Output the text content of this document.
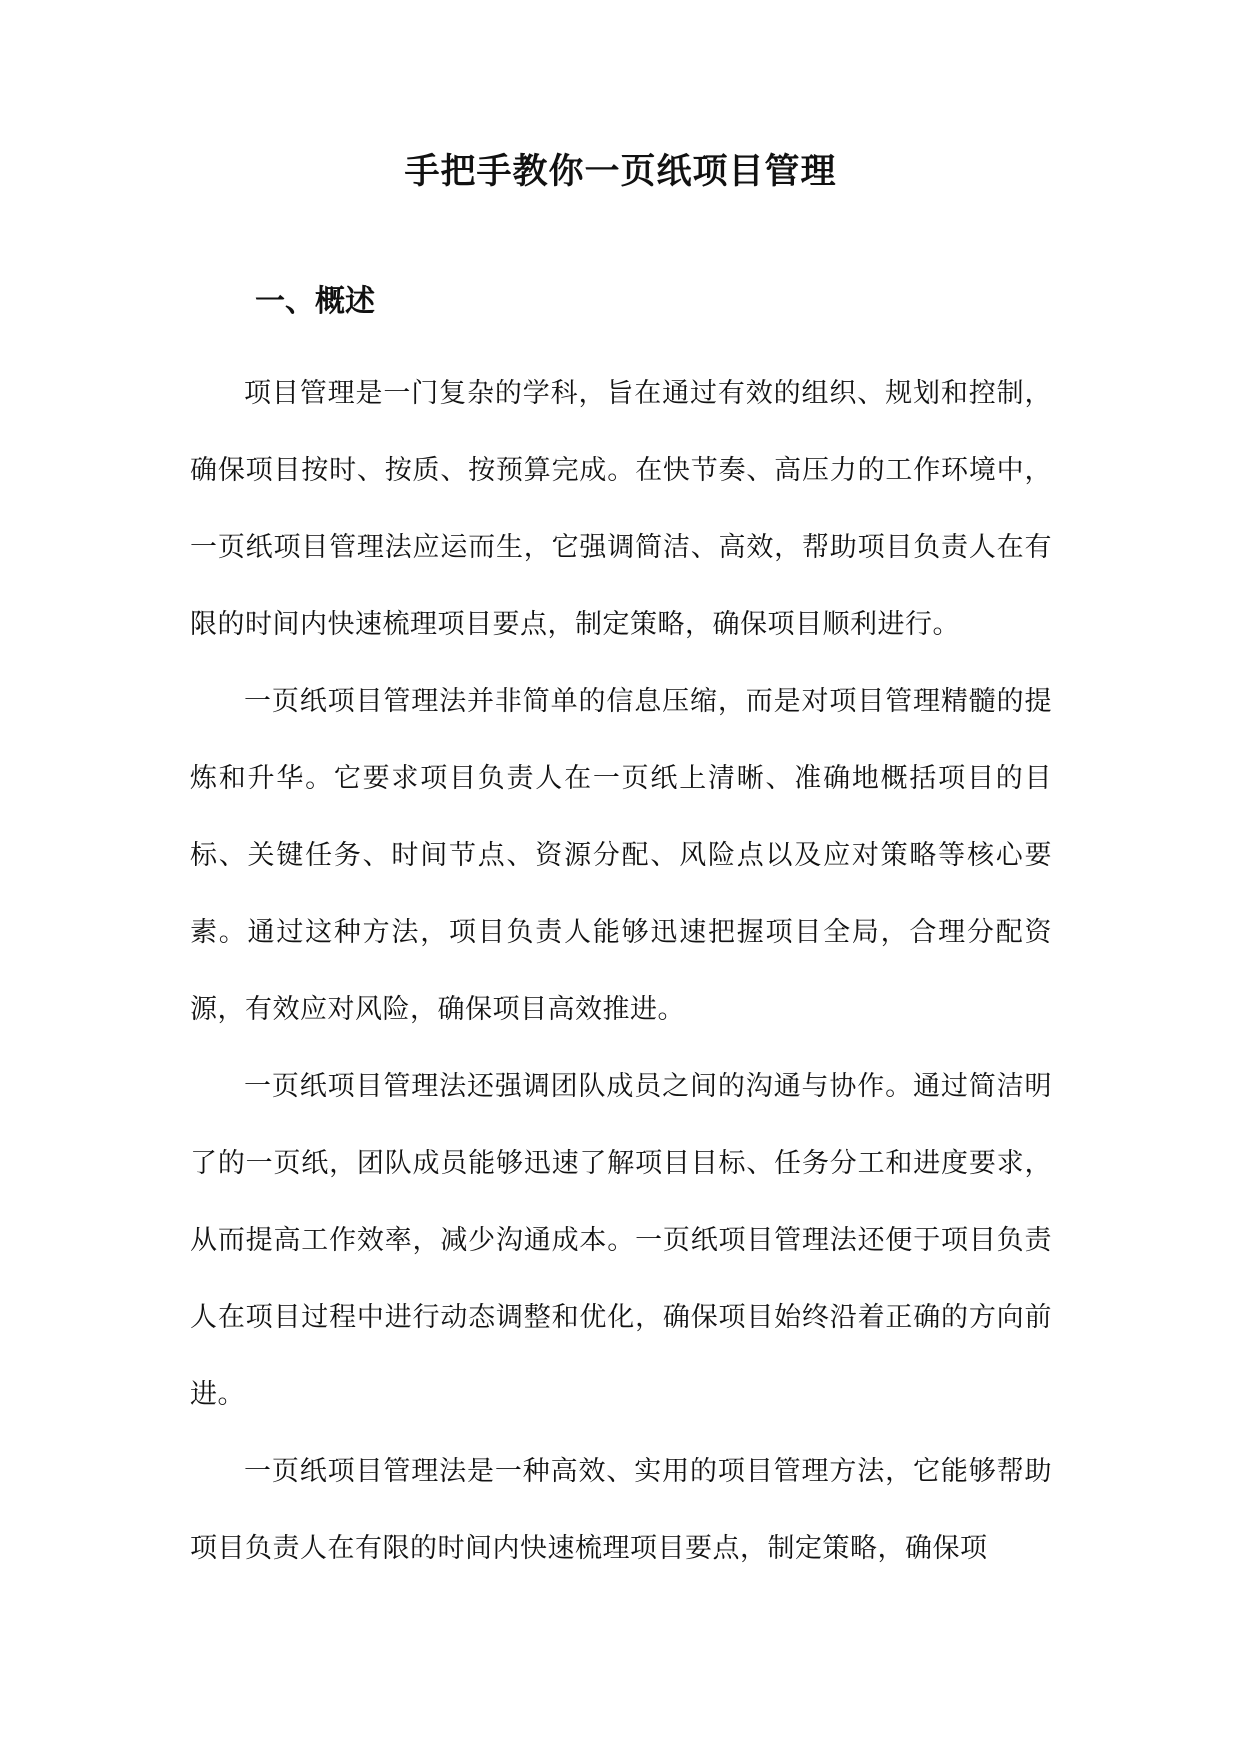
手把手教你一页纸项目管理
一、概述

项目管理是一门复杂的学科，旨在通过有效的组织、规划和控制，确保项目按时、按质、按预算完成。在快节奏、高压力的工作环境中，一页纸项目管理法应运而生，它强调简洁、高效，帮助项目负责人在有限的时间内快速梳理项目要点，制定策略，确保项目顺利进行。

一页纸项目管理法并非简单的信息压缩，而是对项目管理精髓的提炼和升华。它要求项目负责人在一页纸上清晰、准确地概括项目的目标、关键任务、时间节点、资源分配、风险点以及应对策略等核心要素。通过这种方法，项目负责人能够迅速把握项目全局，合理分配资源，有效应对风险，确保项目高效推进。

一页纸项目管理法还强调团队成员之间的沟通与协作。通过简洁明了的一页纸，团队成员能够迅速了解项目目标、任务分工和进度要求，从而提高工作效率，减少沟通成本。一页纸项目管理法还便于项目负责人在项目过程中进行动态调整和优化，确保项目始终沿着正确的方向前进。

一页纸项目管理法是一种高效、实用的项目管理方法，它能够帮助项目负责人在有限的时间内快速梳理项目要点，制定策略，确保项
